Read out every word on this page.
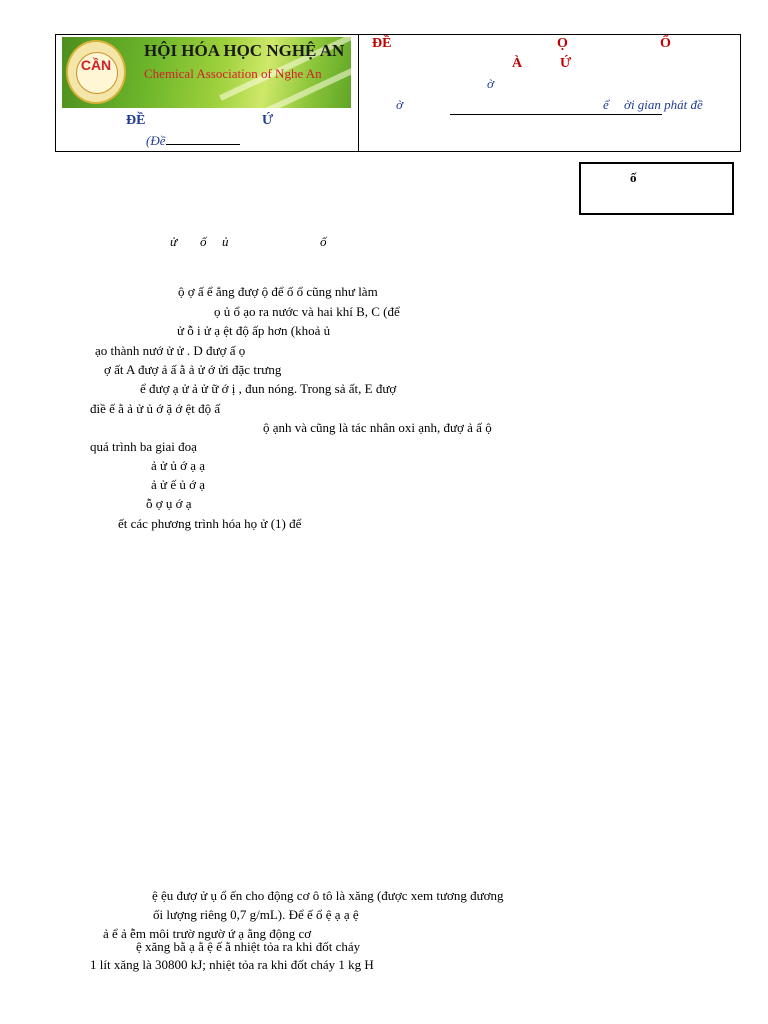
CẦN
HỘI HÓA HỌC NGHỆ AN
Chemical Association of Nghe An
ĐỀ	Ứ
(Đề
ĐỀ	Ọ	Ố
À	Ứ
ờ
ờ	ể ời gian phát đề
ố
ử ố ủ	ố
ộ ợ ấ ể ắng đượ ộ để ố ổ cũng như làm
ọ ủ ổ ạo ra nước và hai khí B, C (để
ử ỗ i ử ạ ệt độ ấp hơn (khoả ủ
ạo thành nướ ử ử . D đượ ấ ọ
ợ ất A đượ ả ấ ằ ả ử ớ ửi đặc trưng
ể đượ ạ ử ả ử ữ ớ ị , đun nóng. Trong sả ất, E đượ
điề ế ằ ả ử ủ ớ ặ ớ ệt độ ấ
ộ ạnh và cũng là tác nhân oxi ạnh, đượ ả ấ ộ
quá trình ba giai đoạ
ả ử ủ ớ ạ ạ
ả ử ế ủ ớ ạ
ỗ ợ ụ ớ ạ
ết các phương trình hóa họ ử (1) để
ệ ệu đượ ử ụ ổ ến cho động cơ ô tô là xăng (được xem tương đương
ối lượng riêng 0,7 g/mL). Để ế ổ ệ ạ ạ ệ
ả ể ả ễm môi trườ ngườ ứ ạ ằng động cơ
ệ xăng bằ ạ ằ ệ ế ằ nhiệt tỏa ra khi đốt cháy
1 lít xăng là 30800 kJ; nhiệt tỏa ra khi đốt cháy 1 kg H
